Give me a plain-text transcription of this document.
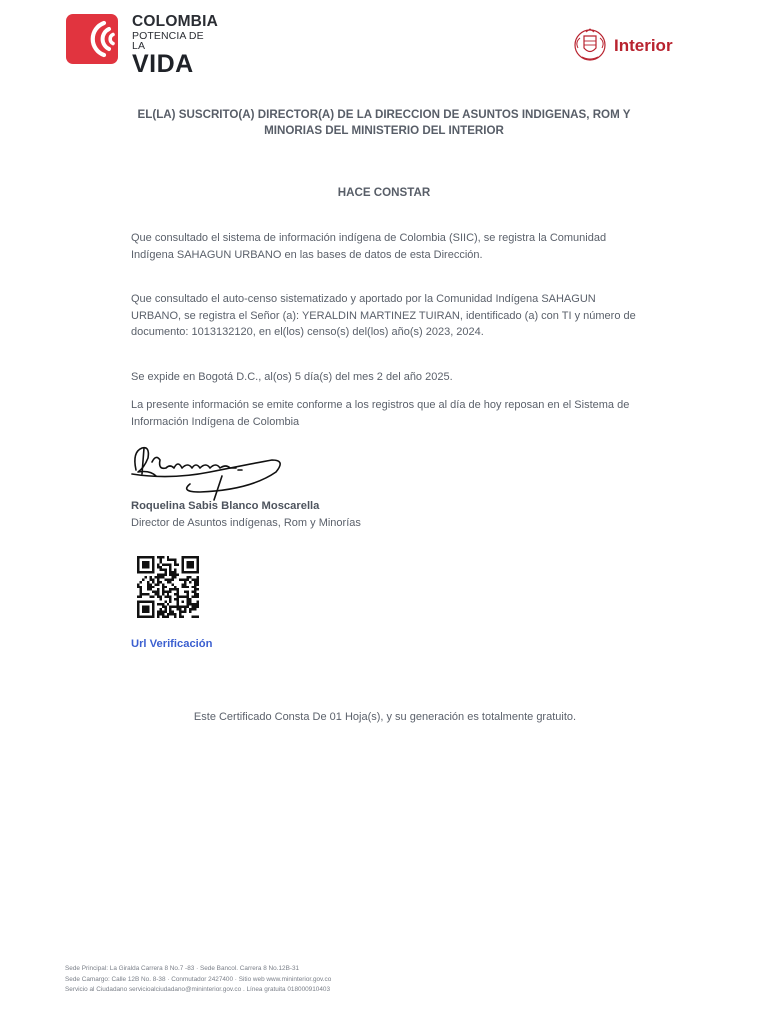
COLOMBIA
POTENCIA DE LA
VIDA
Interior
EL(LA) SUSCRITO(A) DIRECTOR(A) DE LA DIRECCION DE ASUNTOS INDIGENAS, ROM Y MINORIAS DEL MINISTERIO DEL INTERIOR
HACE CONSTAR
Que consultado el sistema de información indígena de Colombia (SIIC), se registra la Comunidad Indígena SAHAGUN URBANO en las bases de datos de esta Dirección.
Que consultado el auto-censo sistematizado y aportado por la Comunidad Indígena SAHAGUN URBANO, se registra el Señor (a): YERALDIN MARTINEZ TUIRAN, identificado (a) con TI y número de documento: 1013132120, en el(los) censo(s) del(los) año(s) 2023, 2024.
Se expide en Bogotá D.C., al(os) 5 día(s) del mes 2 del año 2025.
La presente información se emite conforme a los registros que al día de hoy reposan en el Sistema de Información Indígena de Colombia
Roquelina Sabis Blanco Moscarella
Director de Asuntos indígenas, Rom y Minorías
Url Verificación
Este Certificado Consta De 01 Hoja(s), y su generación es totalmente gratuito.
Sede Principal: La Giralda Carrera 8 No.7 -83 · Sede Bancol. Carrera 8 No.12B-31
Sede Camargo: Calle 12B No. 8-38 · Conmutador 2427400 · Sitio web www.mininterior.gov.co
Servicio al Ciudadano servicioalciudadano@mininterior.gov.co . Línea gratuita 018000910403
